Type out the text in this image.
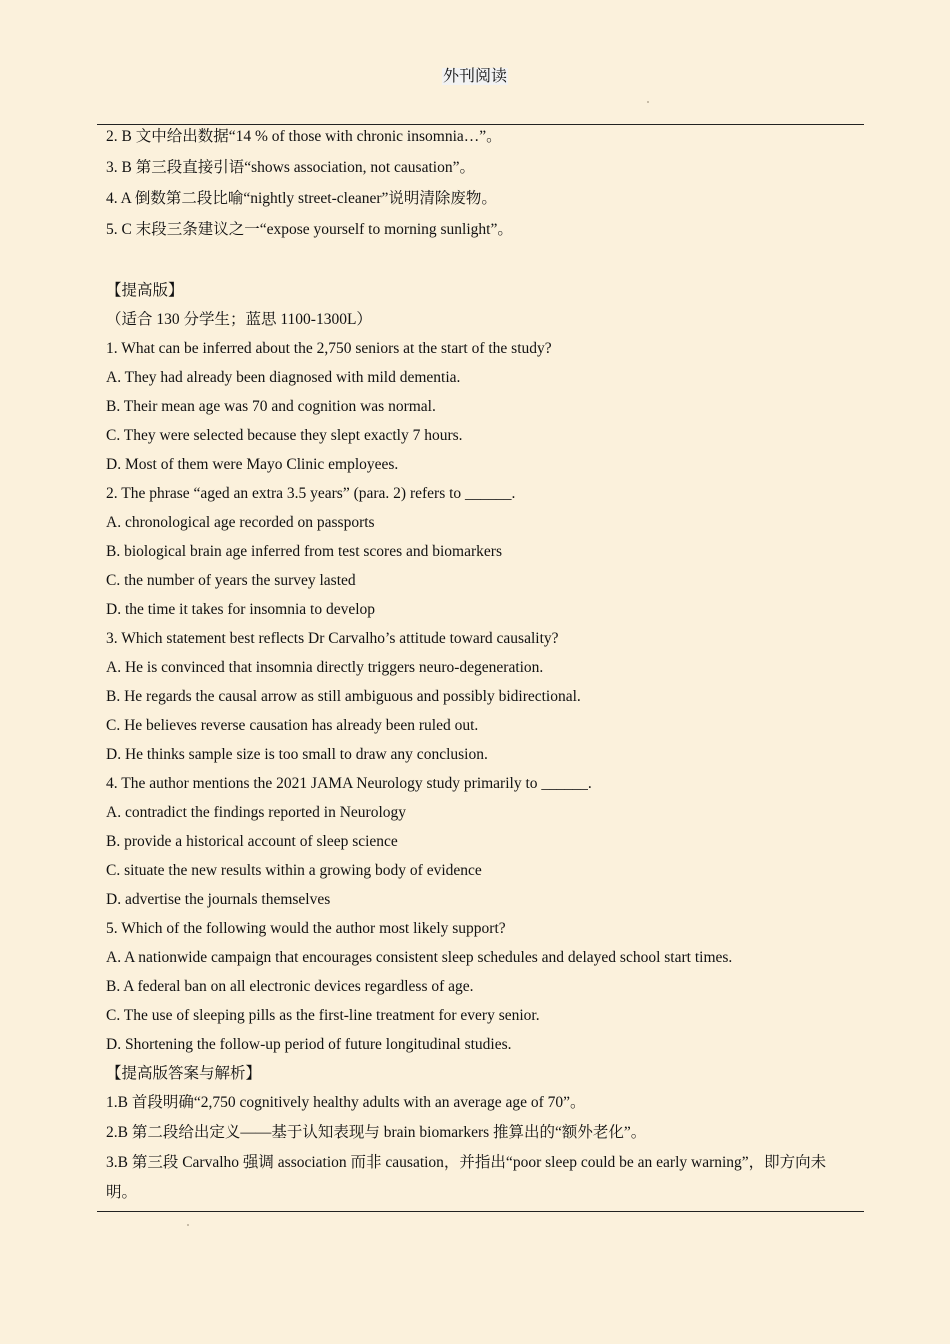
外刊阅读
2. B 文中给出数据“14 % of those with chronic insomnia…”。
3. B 第三段直接引语“shows association, not causation”。
4. A 倒数第二段比喻“nightly street-cleaner”说明清除废物。
5. C 末段三条建议之一“expose yourself to morning sunlight”。
【提高版】
（适合 130 分学生；蓝思 1100-1300L）
1. What can be inferred about the 2,750 seniors at the start of the study?
A. They had already been diagnosed with mild dementia.
B. Their mean age was 70 and cognition was normal.
C. They were selected because they slept exactly 7 hours.
D. Most of them were Mayo Clinic employees.
2. The phrase “aged an extra 3.5 years” (para. 2) refers to ______.
A. chronological age recorded on passports
B. biological brain age inferred from test scores and biomarkers
C. the number of years the survey lasted
D. the time it takes for insomnia to develop
3. Which statement best reflects Dr Carvalho’s attitude toward causality?
A. He is convinced that insomnia directly triggers neuro-degeneration.
B. He regards the causal arrow as still ambiguous and possibly bidirectional.
C. He believes reverse causation has already been ruled out.
D. He thinks sample size is too small to draw any conclusion.
4. The author mentions the 2021 JAMA Neurology study primarily to ______.
A. contradict the findings reported in Neurology
B. provide a historical account of sleep science
C. situate the new results within a growing body of evidence
D. advertise the journals themselves
5. Which of the following would the author most likely support?
A. A nationwide campaign that encourages consistent sleep schedules and delayed school start times.
B. A federal ban on all electronic devices regardless of age.
C. The use of sleeping pills as the first-line treatment for every senior.
D. Shortening the follow-up period of future longitudinal studies.
【提高版答案与解析】
1.B 首段明确“2,750 cognitively healthy adults with an average age of 70”。
2.B 第二段给出定义——基于认知表现与 brain biomarkers 推算出的“额外老化”。
3.B 第三段 Carvalho 强调 association 而非 causation，并指出“poor sleep could be an early warning”，即方向未明。
